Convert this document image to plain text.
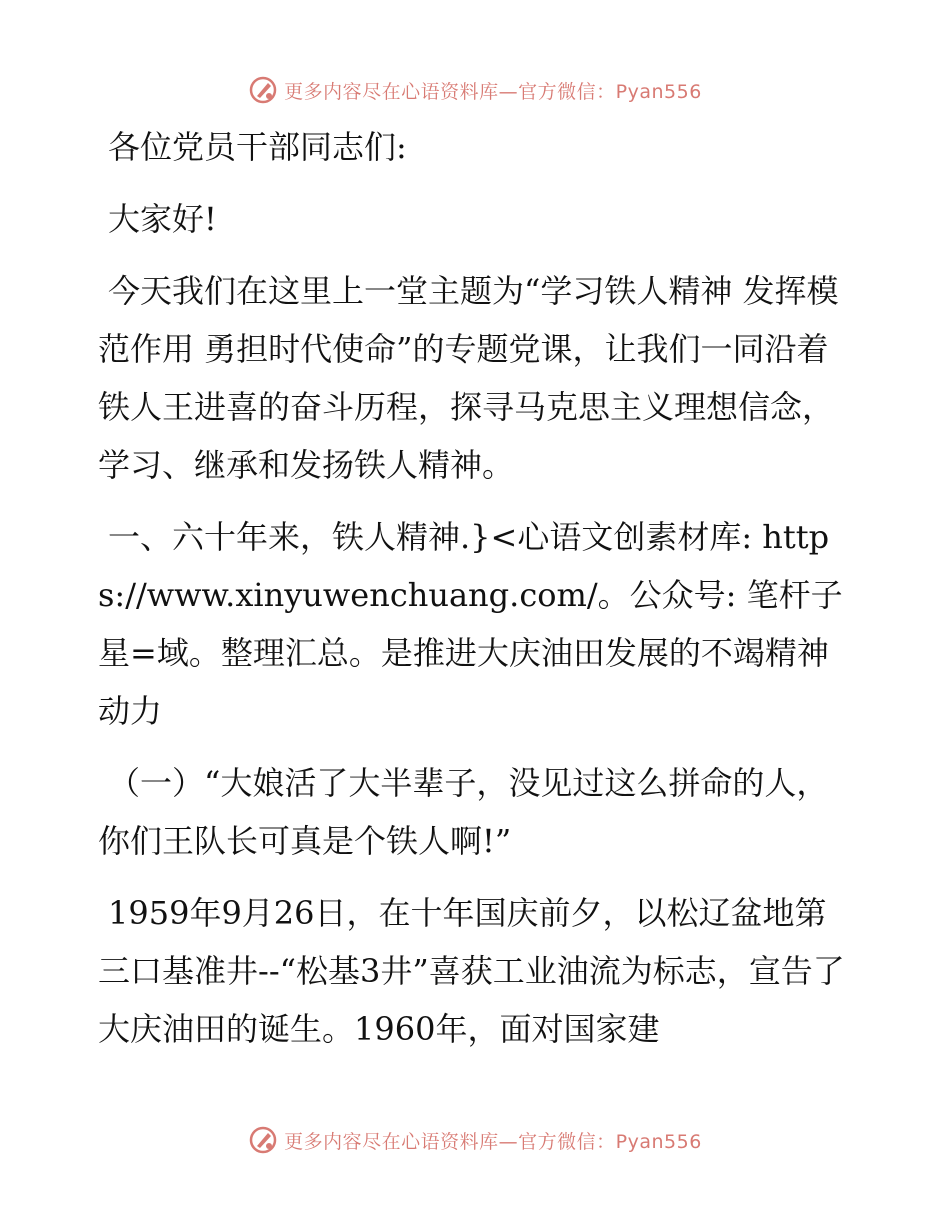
更多内容尽在心语资料库—官方微信：Pyan556

各位党员干部同志们:

大家好!

今天我们在这里上一堂主题为“学习铁人精神 发挥模范作用 勇担时代使命”的专题党课，让我们一同沿着铁人王进喜的奋斗历程，探寻马克思主义理想信念，学习、继承和发扬铁人精神。

一、六十年来，铁人精神.}<心语文创素材库: https://www.xinyuwenchuang.com/。公众号: 笔杆子星=域。整理汇总。是推进大庆油田发展的不竭精神动力

（一）“大娘活了大半辈子，没见过这么拼命的人，你们王队长可真是个铁人啊!”

1959年9月26日，在十年国庆前夕，以松辽盆地第三口基准井--“松基3井”喜获工业油流为标志，宣告了大庆油田的诞生。1960年，面对国家建

更多内容尽在心语资料库—官方微信：Pyan556
